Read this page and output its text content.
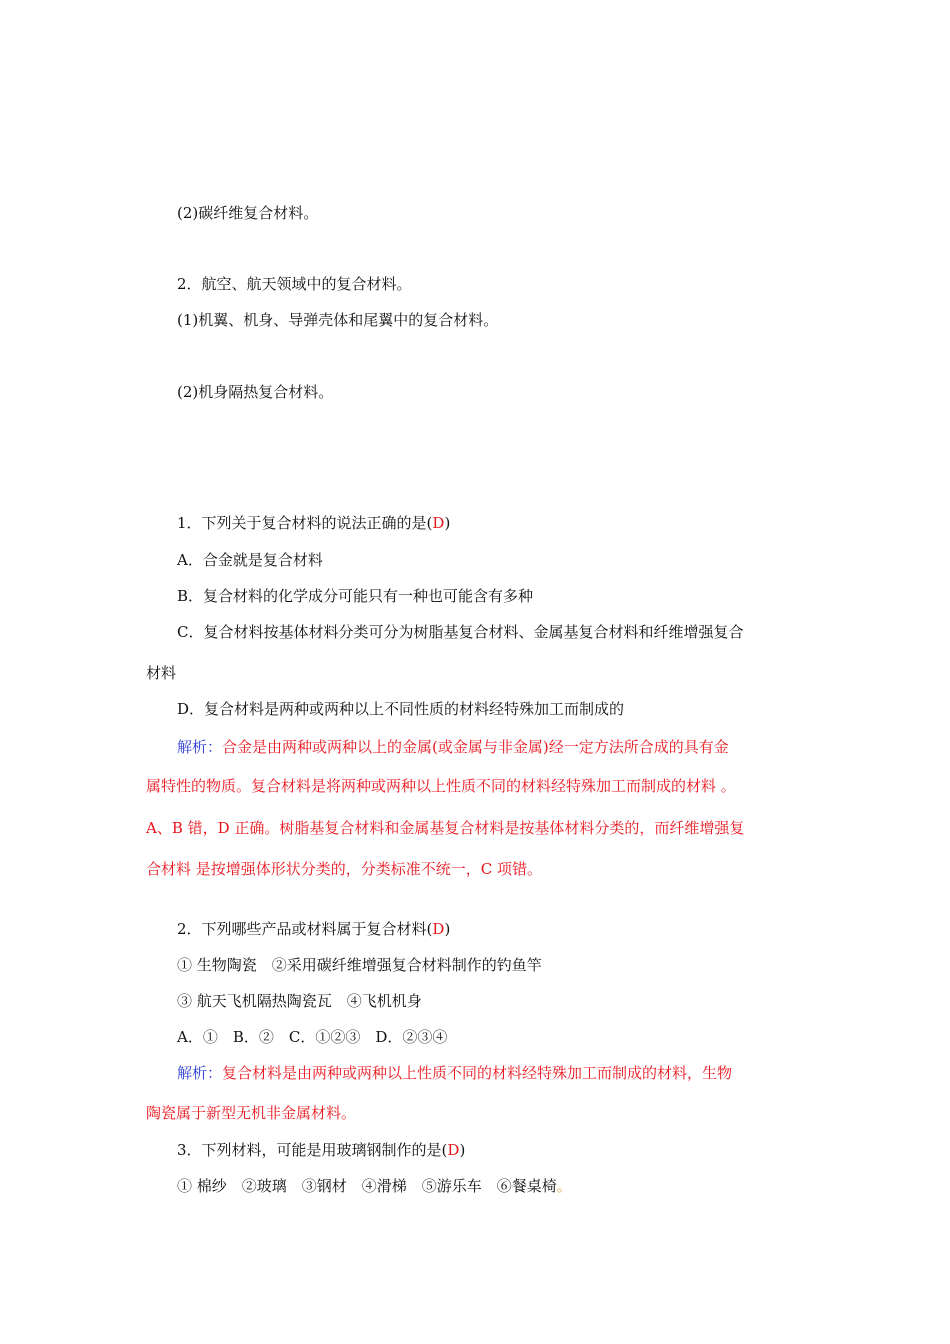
(2)碳纤维复合材料。
2．航空、航天领域中的复合材料。
(1)机翼、机身、导弹壳体和尾翼中的复合材料。
(2)机身隔热复合材料。
1．下列关于复合材料的说法正确的是(D)
A．合金就是复合材料
B．复合材料的化学成分可能只有一种也可能含有多种
C．复合材料按基体材料分类可分为树脂基复合材料、金属基复合材料和纤维增强复合
材料
D．复合材料是两种或两种以上不同性质的材料经特殊加工而制成的
解析：合金是由两种或两种以上的金属(或金属与非金属)经一定方法所合成的具有金
属特性的物质。复合材料是将两种或两种以上性质不同的材料经特殊加工而制成的材料 。
A、B 错，D 正确。树脂基复合材料和金属基复合材料是按基体材料分类的，而纤维增强复
合材料 是按增强体形状分类的，分类标准不统一，C 项错。
2．下列哪些产品或材料属于复合材料(D)
① 生物陶瓷　②采用碳纤维增强复合材料制作的钓鱼竿
③ 航天飞机隔热陶瓷瓦　④飞机机身
A．①　B．②　C．①②③　D．②③④
解析：复合材料是由两种或两种以上性质不同的材料经特殊加工而制成的材料，生物
陶瓷属于新型无机非金属材料。
3．下列材料，可能是用玻璃钢制作的是(D)
① 棉纱　②玻璃　③钢材　④滑梯　⑤游乐车　⑥餐桌椅。
